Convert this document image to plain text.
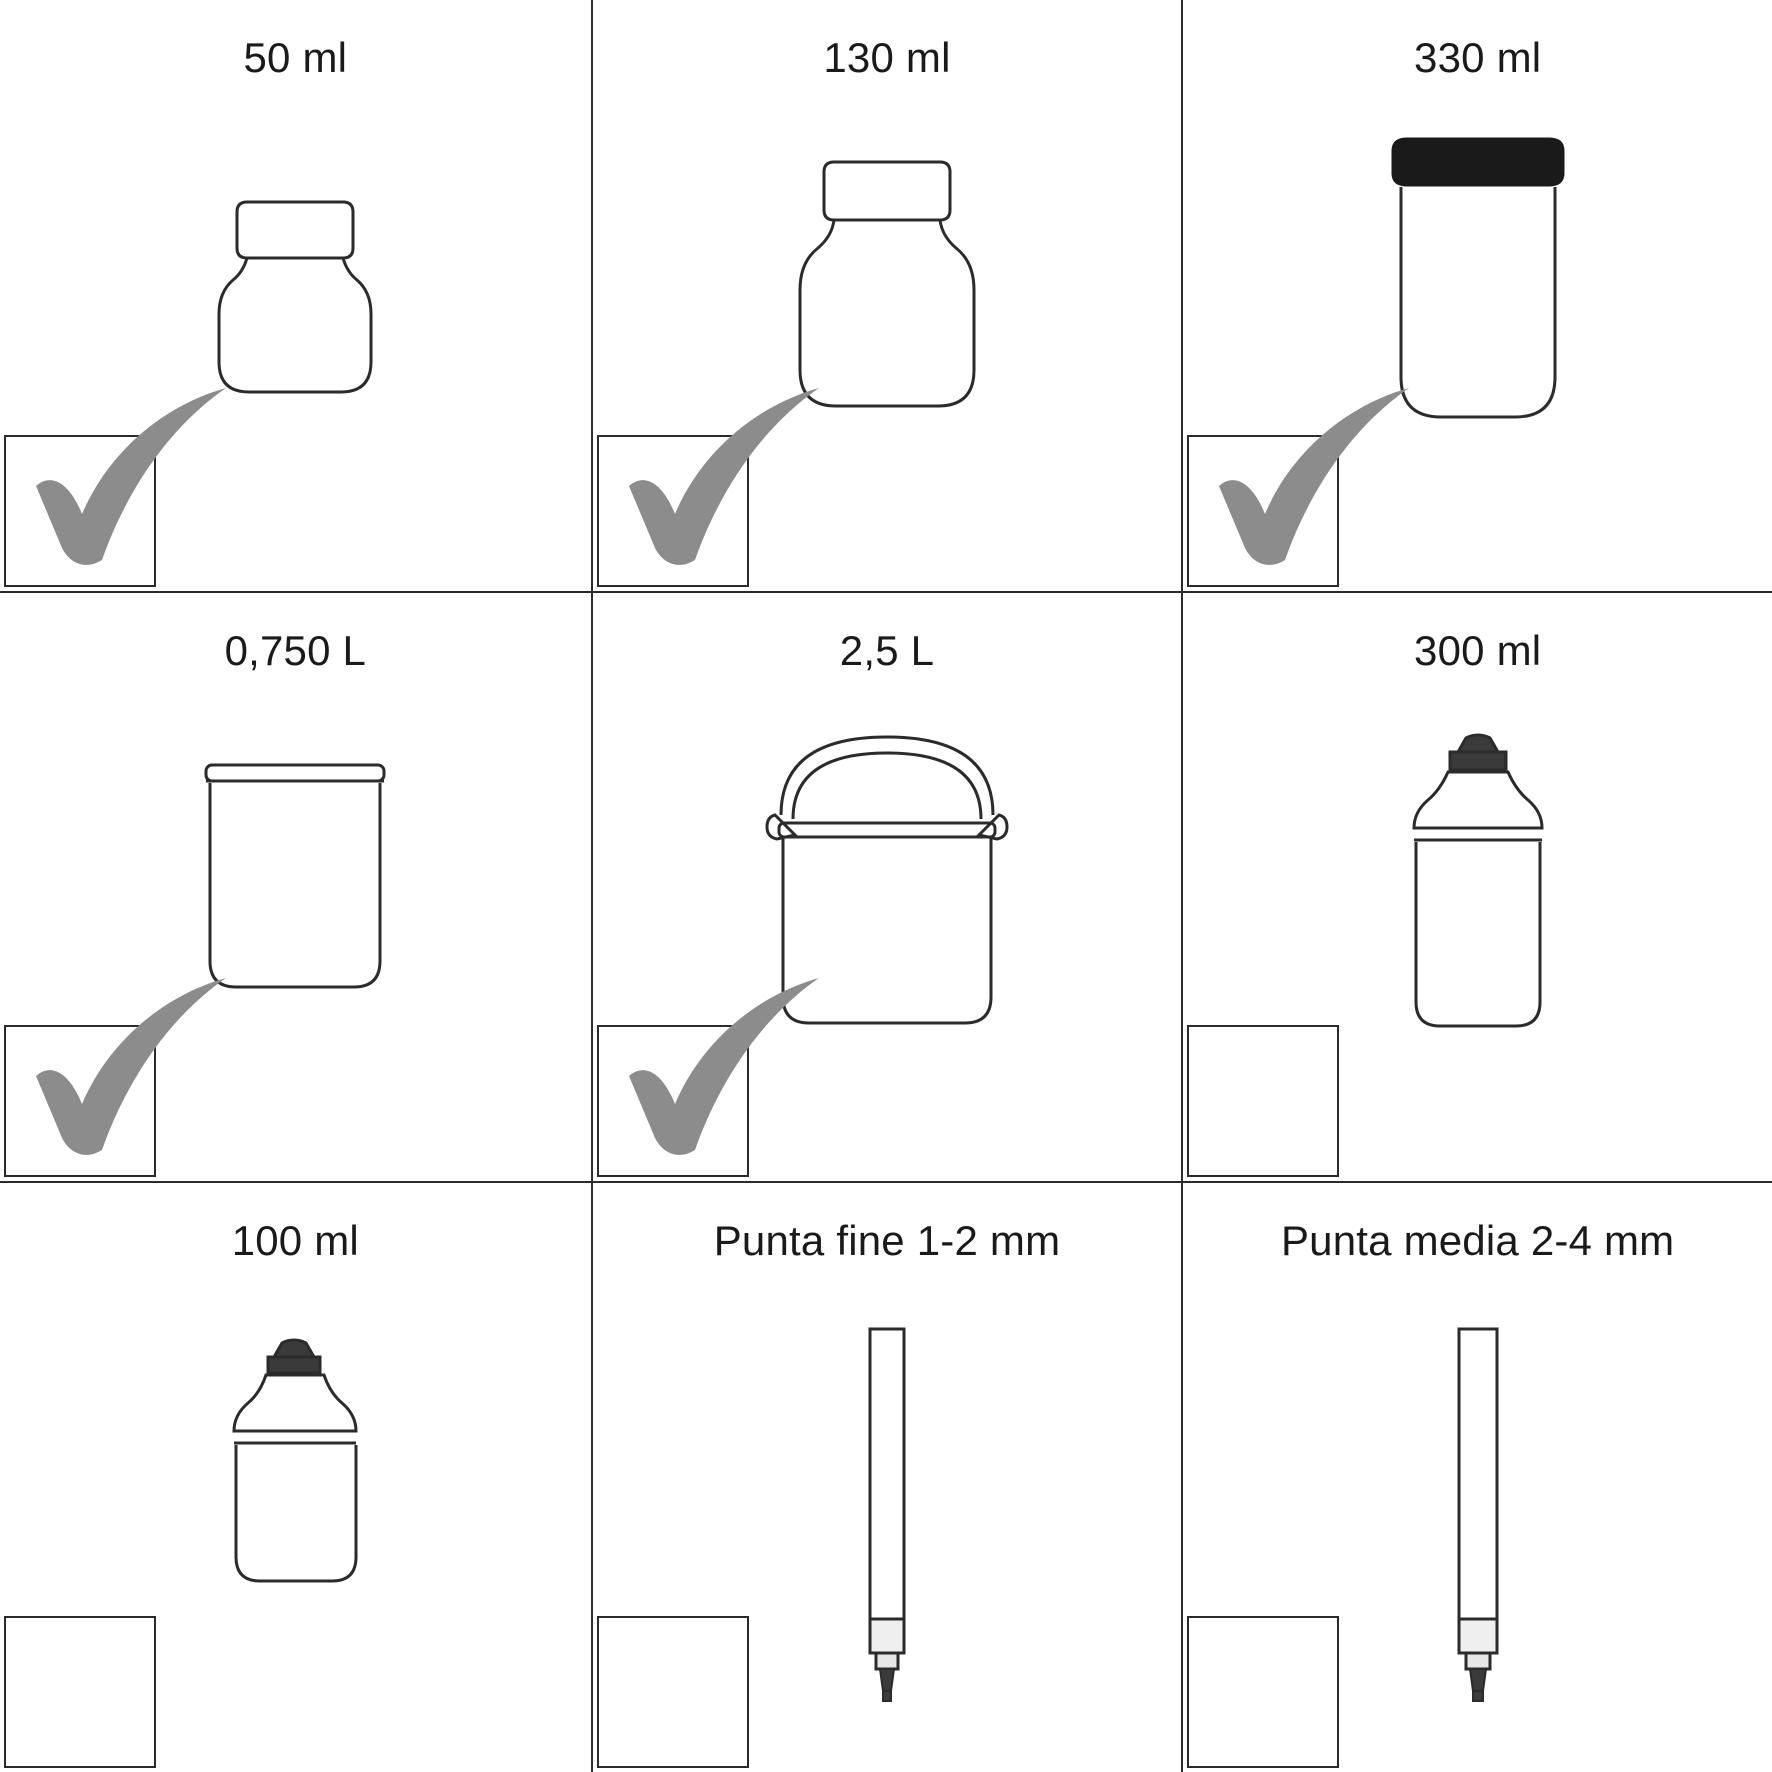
50 ml	130 ml	330 ml
0,750 L	2,5 L	300 ml
100 ml	Punta fine 1-2 mm	Punta media 2-4 mm
